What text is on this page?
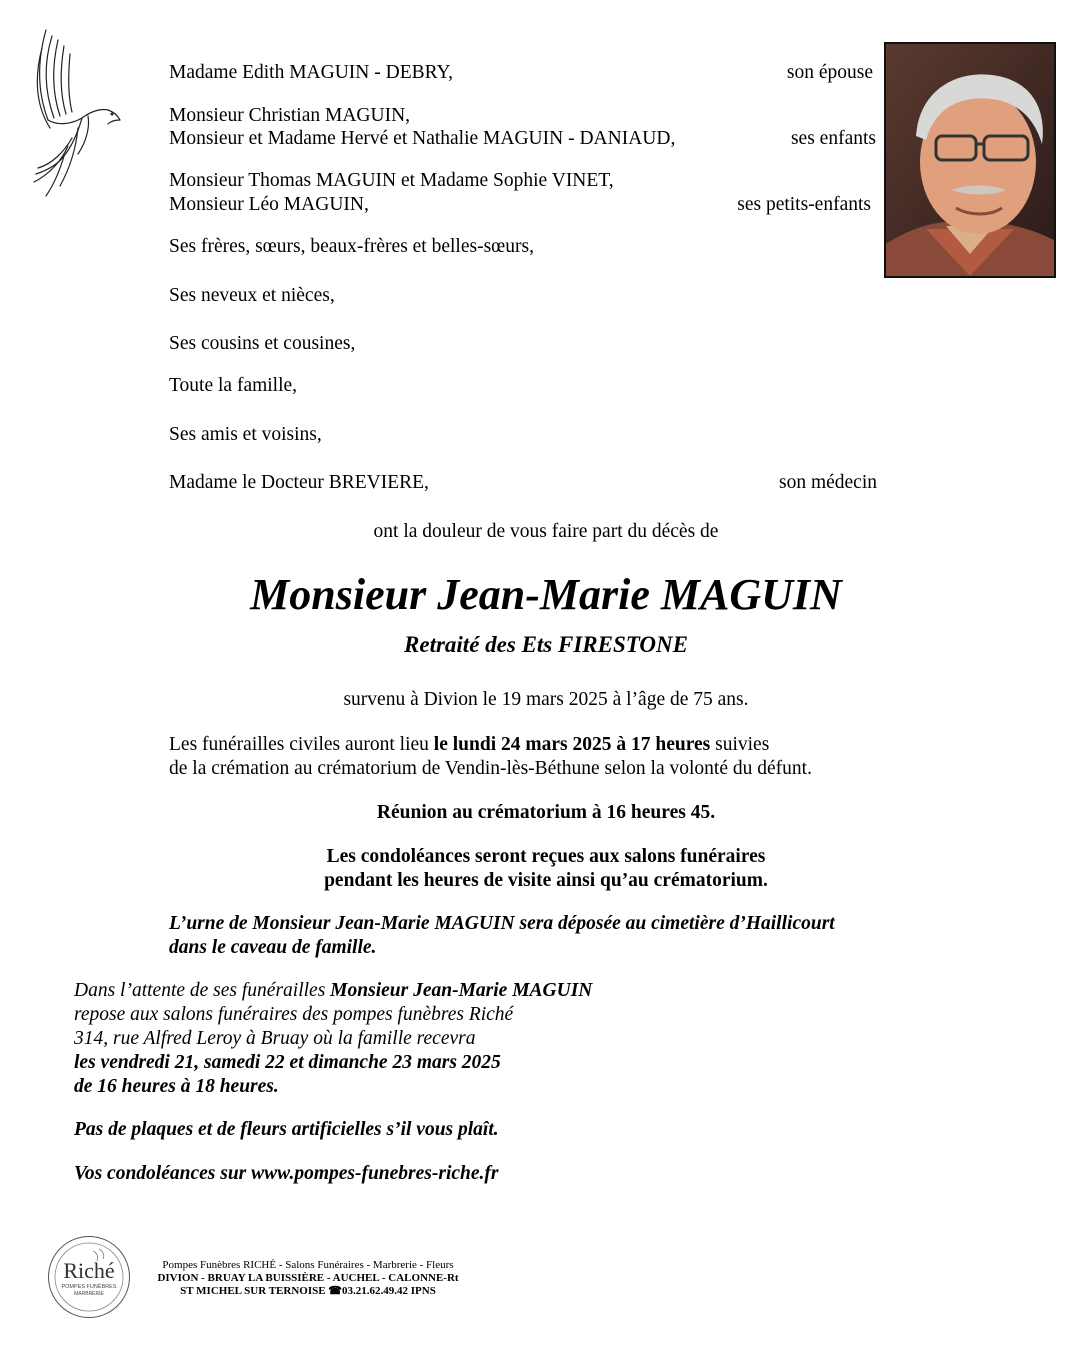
Madame Edith MAGUIN - DEBRY,	son épouse
Monsieur Christian MAGUIN,
Monsieur et Madame Hervé et Nathalie MAGUIN - DANIAUD,	ses enfants
Monsieur Thomas MAGUIN et Madame Sophie VINET,
Monsieur Léo MAGUIN,	ses petits-enfants
Ses frères, sœurs, beaux-frères et belles-sœurs,
Ses neveux et nièces,
Ses cousins et cousines,
Toute la famille,
Ses amis et voisins,
Madame le Docteur BREVIERE,	son médecin
ont la douleur de vous faire part du décès de
Monsieur Jean-Marie MAGUIN
Retraité des Ets FIRESTONE
survenu à Divion le 19 mars 2025 à l’âge de 75 ans.
Les funérailles civiles auront lieu le lundi 24 mars 2025 à 17 heures suivies
de la crémation au crématorium de Vendin-lès-Béthune selon la volonté du défunt.
Réunion au crématorium à 16 heures 45.
Les condoléances seront reçues aux salons funéraires
pendant les heures de visite ainsi qu’au crématorium.
L’urne de Monsieur Jean-Marie MAGUIN sera déposée au cimetière d’Haillicourt
dans le caveau de famille.
Dans l’attente de ses funérailles Monsieur Jean-Marie MAGUIN
repose aux salons funéraires des pompes funèbres Riché
314, rue Alfred Leroy à Bruay où la famille recevra
les vendredi 21, samedi 22 et dimanche 23 mars 2025
de 16 heures à 18 heures.
Pas de plaques et de fleurs artificielles s’il vous plaît.
Vos condoléances sur www.pompes-funebres-riche.fr
Riché
POMPES FUNÈBRES
MARBRERIE
Pompes Funèbres RICHÉ - Salons Funéraires - Marbrerie - Fleurs
DIVION - BRUAY LA BUISSIÈRE - AUCHEL - CALONNE-Rt
ST MICHEL SUR TERNOISE ☎03.21.62.49.42 IPNS
